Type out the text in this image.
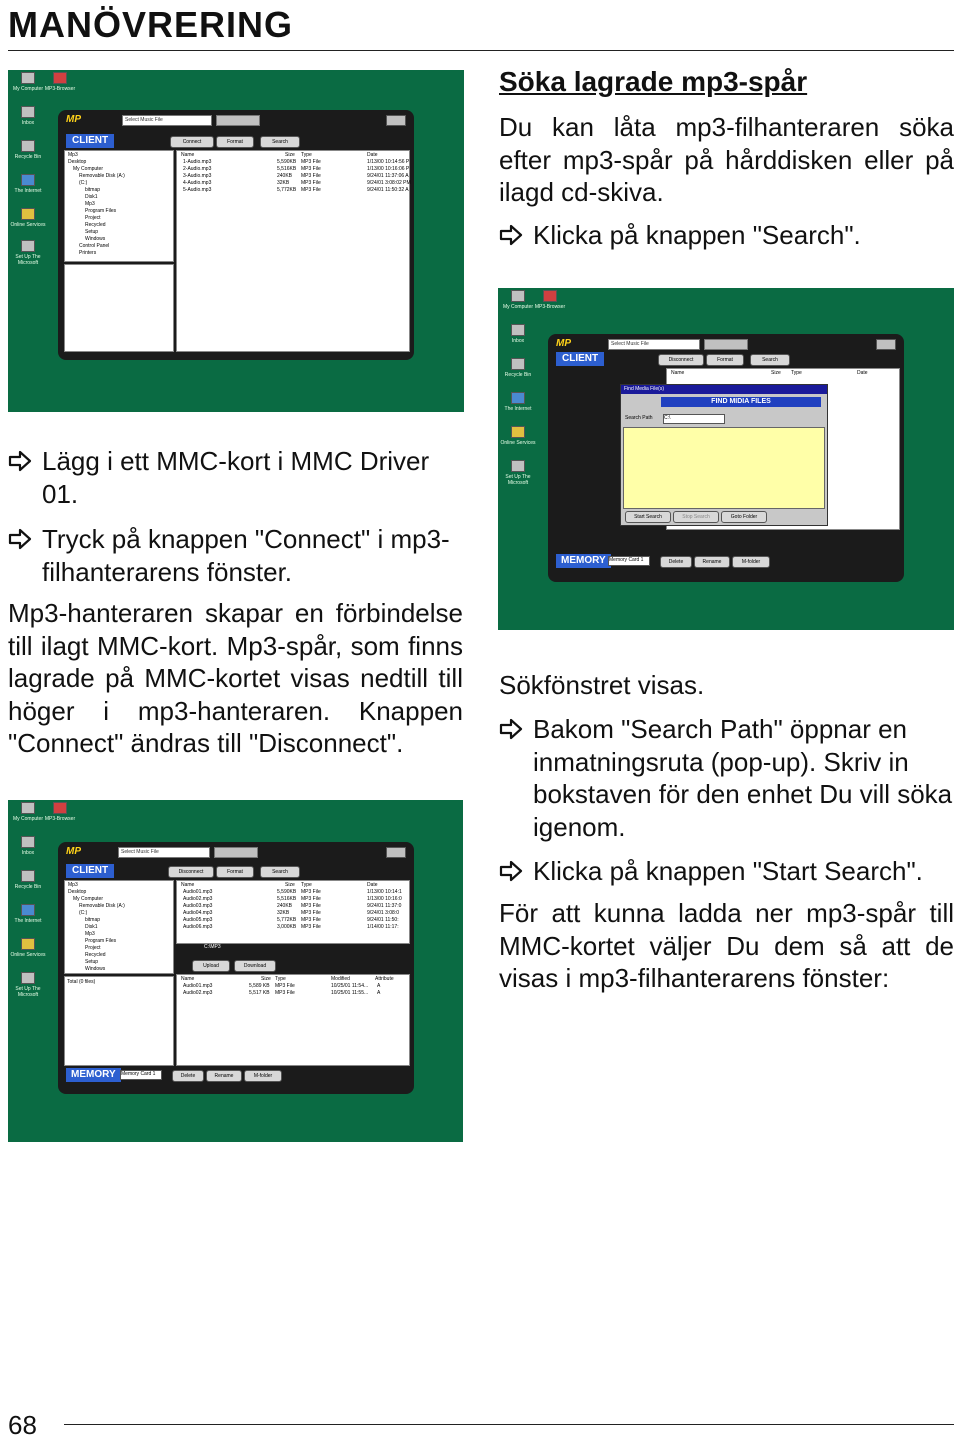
MANÖVRERING
My Computer MP3-Browser
Inbox
Recycle Bin
The Internet
Online Services
Set Up The Microsoft
MP	Select Music File
CLIENT	Connect	Format	Search
Mp3
Desktop
My Computer
Removable Disk (A:)
(C:)
bitmap
Disk1
Mp3
Program Files
Project
Recycled
Setup
Windows
Control Panel
Printers
Name	Size Type	Date
1-Audio.mp3	5,590KB MP3 File	1/13/00 10:14:56 P
2-Audio.mp3	5,516KB MP3 File	1/13/00 10:16:06 P
3-Audio.mp3	240KB MP3 File	9/24/01 11:37:06 A
4-Audio.mp3	32KB MP3 File	9/24/01 3:08:02 PM
5-Audio.mp3	5,772KB MP3 File	9/24/01 11:50:32 A
C:\MP3
Söka lagrade mp3-spår
Du kan låta mp3-filhanteraren söka efter mp3-spår på hårddisken eller på ilagd cd-skiva.
Klicka på knappen "Search".
My Computer MP3-Browser
Inbox
Recycle Bin
The Internet
Online Services
Set Up The Microsoft
MP	Select Music File
CLIENT	Disconnect	Format	Search
Name	Size Type	Date
Find Media File(s)
FIND MIDIA FILES
Search Path C:\
Start Search	Stop Search	Goto Folder
MEMORY Memory Card 1	Delete	Rename	M-folder
Lägg i ett MMC-kort i MMC Driver 01.
Tryck på knappen "Connect" i mp3-filhanterarens fönster.
Mp3-hanteraren skapar en förbindelse till ilagt MMC-kort. Mp3-spår, som finns lagrade på MMC-kortet visas nedtill till höger i mp3-hanteraren. Knappen "Connect" ändras till "Disconnect".
My Computer MP3-Browser
Inbox
Recycle Bin
The Internet
Online Services
Set Up The Microsoft
MP	Select Music File
CLIENT	Disconnect	Format	Search
Mp3
Desktop
My Computer
Removable Disk (A:)
(C:)
bitmap
Disk1
Mp3
Program Files
Project
Recycled
Setup
Windows
Name	Size Type	Date
Audio01.mp3	5,590KB MP3 File	1/13/00 10:14:1
Audio02.mp3	5,516KB MP3 File	1/13/00 10:16:0
Audio03.mp3	240KB MP3 File	9/24/01 11:37:0
Audio04.mp3	32KB MP3 File	9/24/01 3:08:0
Audio05.mp3	5,772KB MP3 File	9/24/01 11:50:
Audio06.mp3	3,000KB MP3 File	1/14/00 11:17:
C:\MP3
Upload	Download
Name	Size Type	Modified	Attribute
Audio01.mp3	5,589 KB MP3 File	10/25/01 11:54... A
Audio02.mp3	5,517 KB MP3 File	10/25/01 11:55... A
Total (0 files)
MEMORY	Memory Card 1	Delete	Rename	M-folder
Sökfönstret visas.
Bakom "Search Path" öppnar en inmatningsruta (pop-up). Skriv in bokstaven för den enhet Du vill söka igenom.
Klicka på knappen "Start Search".
För att kunna ladda ner mp3-spår till MMC-kortet väljer Du dem så att de visas i mp3-filhanterarens fönster:
68
